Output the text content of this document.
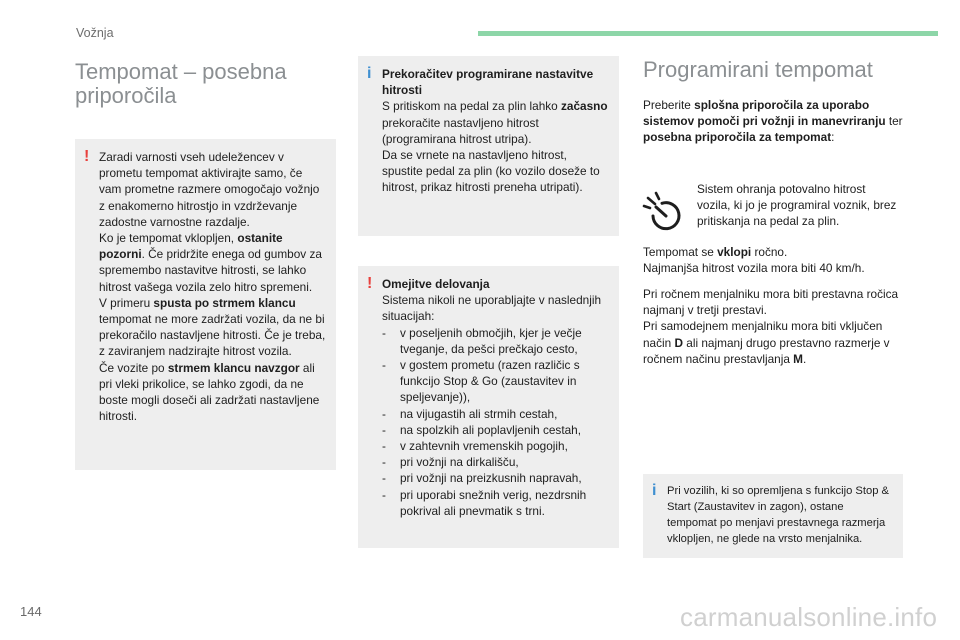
Vožnja
Tempomat – posebna
priporočila
! Zaradi varnosti vseh udeležencev v prometu tempomat aktivirajte samo, če vam prometne razmere omogočajo vožnjo z enakomerno hitrostjo in vzdrževanje zadostne varnostne razdalje.

Ko je tempomat vklopljen, ostanite pozorni. Če pridržite enega od gumbov za spremembo nastavitve hitrosti, se lahko hitrost vašega vozila zelo hitro spremeni.

V primeru spusta po strmem klancu tempomat ne more zadržati vozila, da ne bi prekoračilo nastavljene hitrosti. Če je treba, z zaviranjem nadzirajte hitrost vozila.

Če vozite po strmem klancu navzgor ali pri vleki prikolice, se lahko zgodi, da ne boste mogli doseči ali zadržati nastavljene hitrosti.

i Prekoračitev programirane nastavitve hitrosti

S pritiskom na pedal za plin lahko začasno prekoračite nastavljeno hitrost (programirana hitrost utripa).

Da se vrnete na nastavljeno hitrost, spustite pedal za plin (ko vozilo doseže to hitrost, prikaz hitrosti preneha utripati).

! Omejitve delovanja

Sistema nikoli ne uporabljajte v naslednjih situacijah:

- v poseljenih območjih, kjer je večje tveganje, da pešci prečkajo cesto,
- v gostem prometu (razen različic s funkcijo Stop & Go (zaustavitev in speljevanje)),
- na vijugastih ali strmih cestah,
- na spolzkih ali poplavljenih cestah,
- v zahtevnih vremenskih pogojih,
- pri vožnji na dirkališču,
- pri vožnji na preizkusnih napravah,
- pri uporabi snežnih verig, nezdrsnih pokrival ali pnevmatik s trni.
Programirani tempomat

Preberite splošna priporočila za uporabo sistemov pomoči pri vožnji in manevriranju ter posebna priporočila za tempomat:

Sistem ohranja potovalno hitrost vozila, ki jo je programiral voznik, brez pritiskanja na pedal za plin.

Tempomat se vklopi ročno.

Najmanjša hitrost vozila mora biti 40 km/h.

Pri ročnem menjalniku mora biti prestavna ročica najmanj v tretji prestavi.

Pri samodejnem menjalniku mora biti vključen način D ali najmanj drugo prestavno razmerje v ročnem načinu prestavljanja M.

i Pri vozilih, ki so opremljena s funkcijo Stop & Start (Zaustavitev in zagon), ostane tempomat po menjavi prestavnega razmerja vklopljen, ne glede na vrsto menjalnika.

144	carmanualsonline.info
